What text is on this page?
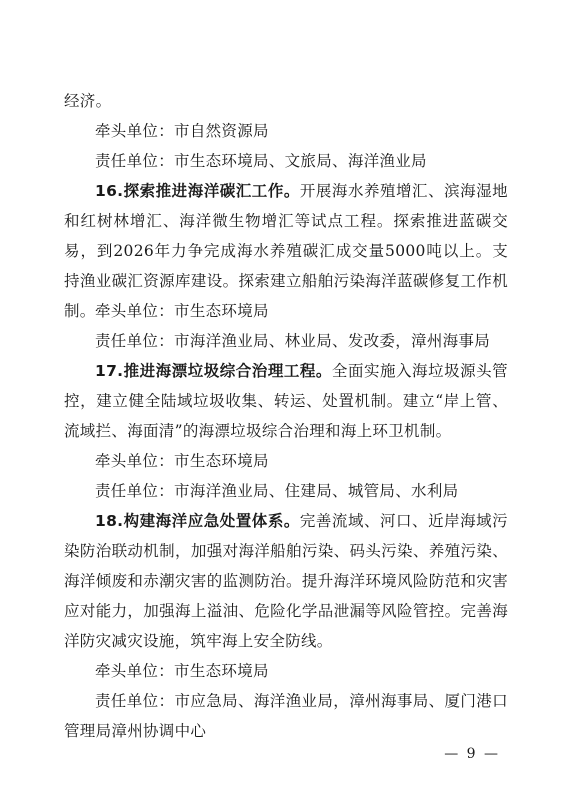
经济。

牵头单位：市自然资源局

责任单位：市生态环境局、文旅局、海洋渔业局

16.探索推进海洋碳汇工作。开展海水养殖增汇、滨海湿地和红树林增汇、海洋微生物增汇等试点工程。探索推进蓝碳交易，到2026年力争完成海水养殖碳汇成交量5000吨以上。支持渔业碳汇资源库建设。探索建立船舶污染海洋蓝碳修复工作机制。 牵头单位：市生态环境局

责任单位：市海洋渔业局、林业局、发改委，漳州海事局

17.推进海漂垃圾综合治理工程。全面实施入海垃圾源头管控，建立健全陆域垃圾收集、转运、处置机制。建立“岸上管、流域拦、海面清”的海漂垃圾综合治理和海上环卫机制。

牵头单位：市生态环境局

责任单位：市海洋渔业局、住建局、城管局、水利局

18.构建海洋应急处置体系。完善流域、河口、近岸海域污染防治联动机制，加强对海洋船舶污染、码头污染、养殖污染、海洋倾废和赤潮灾害的监测防治。提升海洋环境风险防范和灾害应对能力，加强海上溢油、危险化学品泄漏等风险管控。完善海洋防灾减灾设施，筑牢海上安全防线。

牵头单位：市生态环境局

责任单位：市应急局、海洋渔业局，漳州海事局、厦门港口管理局漳州协调中心

— 9 —
